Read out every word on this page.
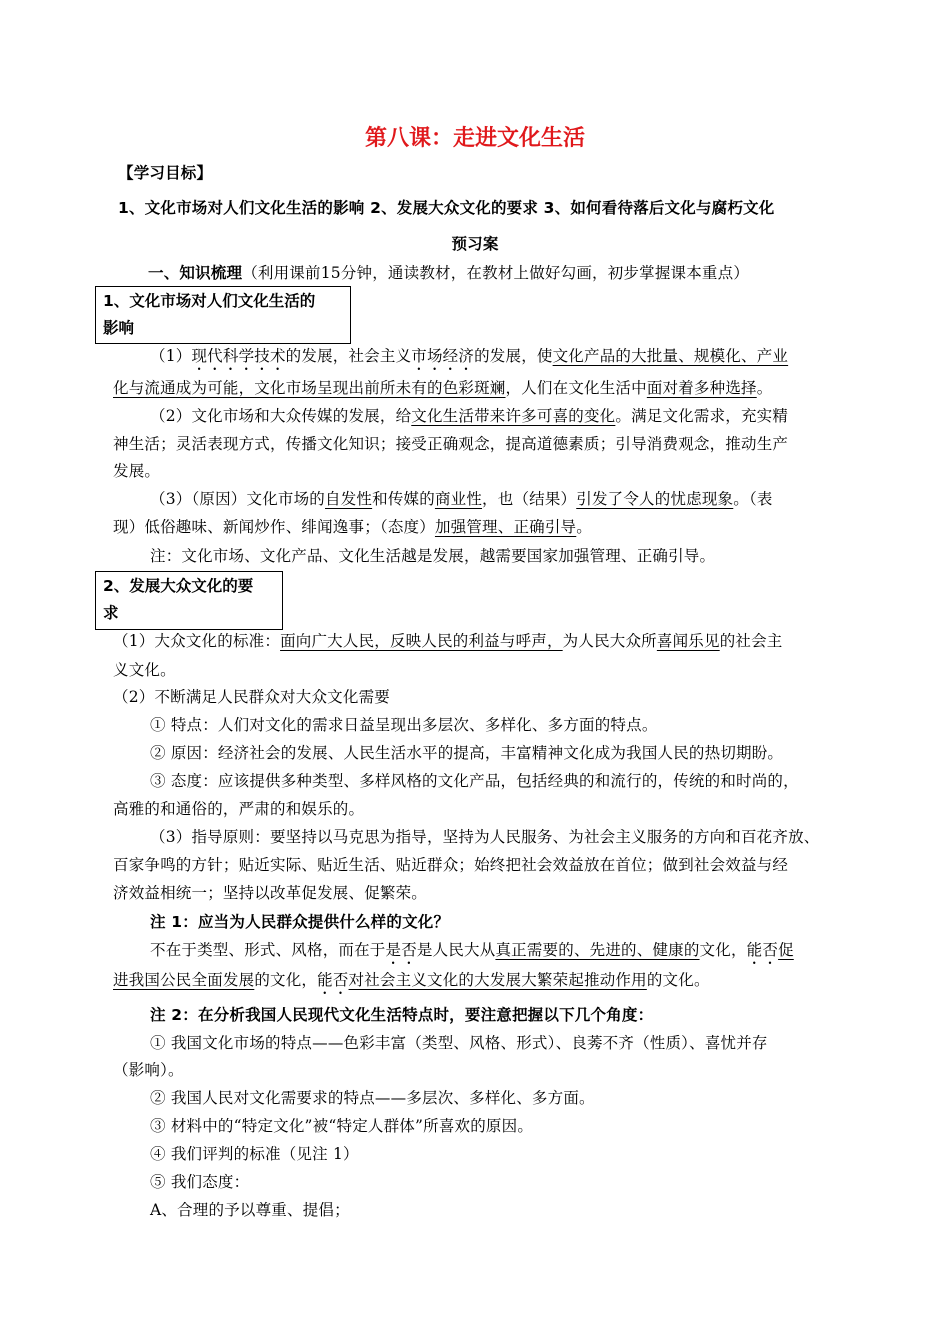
第八课：走进文化生活
【学习目标】
1、文化市场对人们文化生活的影响 2、发展大众文化的要求 3、如何看待落后文化与腐朽文化
预习案
一、知识梳理（利用课前15分钟，通读教材，在教材上做好勾画，初步掌握课本重点）
1、文化市场对人们文化生活的
影响
（1）现代科学技术的发展，社会主义市场经济的发展，使文化产品的大批量、规模化、产业
化与流通成为可能，文化市场呈现出前所未有的色彩斑斓，人们在文化生活中面对着多种选择。
（2）文化市场和大众传媒的发展，给文化生活带来许多可喜的变化。满足文化需求，充实精
神生活；灵活表现方式，传播文化知识；接受正确观念，提高道德素质；引导消费观念，推动生产
发展。
（3）（原因）文化市场的自发性和传媒的商业性，也（结果）引发了令人的忧虑现象。（表
现）低俗趣味、新闻炒作、绯闻逸事；（态度）加强管理、正确引导。
注：文化市场、文化产品、文化生活越是发展，越需要国家加强管理、正确引导。
2、发展大众文化的要
求
（1）大众文化的标准：面向广大人民，反映人民的利益与呼声，为人民大众所喜闻乐见的社会主
义文化。
（2）不断满足人民群众对大众文化需要
① 特点：人们对文化的需求日益呈现出多层次、多样化、多方面的特点。
② 原因：经济社会的发展、人民生活水平的提高，丰富精神文化成为我国人民的热切期盼。
③ 态度：应该提供多种类型、多样风格的文化产品，包括经典的和流行的，传统的和时尚的，
高雅的和通俗的，严肃的和娱乐的。
（3）指导原则：要坚持以马克思为指导，坚持为人民服务、为社会主义服务的方向和百花齐放、
百家争鸣的方针；贴近实际、贴近生活、贴近群众；始终把社会效益放在首位；做到社会效益与经
济效益相统一；坚持以改革促发展、促繁荣。
注 1：应当为人民群众提供什么样的文化？
不在于类型、形式、风格，而在于是否是人民大从真正需要的、先进的、健康的文化，能否促
进我国公民全面发展的文化，能否对社会主义文化的大发展大繁荣起推动作用的文化。
注 2：在分析我国人民现代文化生活特点时，要注意把握以下几个角度：
① 我国文化市场的特点——色彩丰富（类型、风格、形式）、良莠不齐（性质）、喜忧并存
（影响）。
② 我国人民对文化需要求的特点——多层次、多样化、多方面。
③ 材料中的“特定文化”被“特定人群体”所喜欢的原因。
④ 我们评判的标准（见注 1）
⑤ 我们态度：
A、合理的予以尊重、提倡；
